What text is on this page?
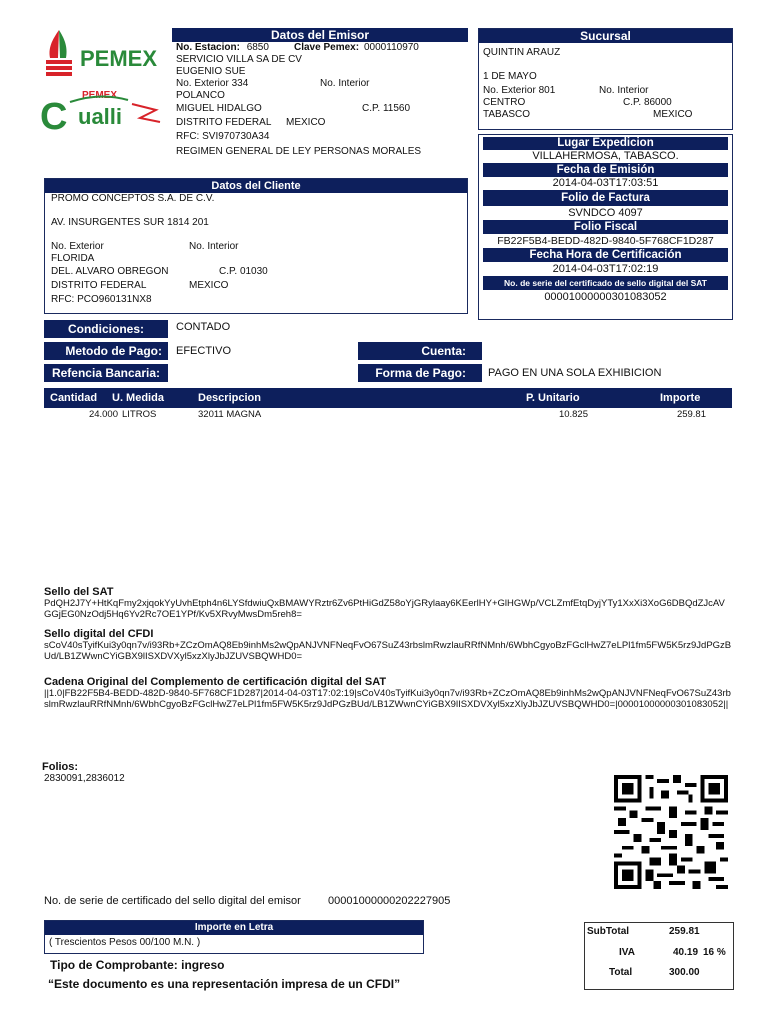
PEMEX
PEMEX
C ualli
Datos del Emisor
No. Estacion: 6850	Clave Pemex: 0000110970
SERVICIO VILLA SA DE CV
EUGENIO SUE
No. Exterior 334	No. Interior
POLANCO
MIGUEL HIDALGO	C.P. 11560
DISTRITO FEDERAL MEXICO
RFC: SVI970730A34
REGIMEN GENERAL DE LEY PERSONAS MORALES
Sucursal
QUINTIN ARAUZ
1 DE MAYO
No. Exterior 801	No. Interior
CENTRO	C.P. 86000
TABASCO	MEXICO
Lugar Expedicion
VILLAHERMOSA, TABASCO.
Fecha de Emisión
2014-04-03T17:03:51
Folio de Factura
SVNDCO 4097
Folio Fiscal
FB22F5B4-BEDD-482D-9840-5F768CF1D287
Fecha Hora de Certificación
2014-04-03T17:02:19
No. de serie del certificado de sello digital del SAT
00001000000301083052
Datos del Cliente
PROMO CONCEPTOS S.A. DE C.V.
AV. INSURGENTES SUR 1814 201
No. Exterior	No. Interior
FLORIDA
DEL. ALVARO OBREGON	C.P. 01030
DISTRITO FEDERAL	MEXICO
RFC: PCO960131NX8
Condiciones:	CONTADO
Metodo de Pago:	EFECTIVO	Cuenta:
Refencia Bancaria:	Forma de Pago:	PAGO EN UNA SOLA EXHIBICION
Cantidad U. Medida	Descripcion	P. Unitario	Importe
24.000 LITROS	32011 MAGNA	10.825	259.81
Sello del SAT
PdQH2J7Y+HtKqFmy2xjqokYyUvhEtph4n6LYSfdwiuQxBMAWYRztr6Zv6PtHiGdZ58oYjGRylaay6KEerlHY+GlHGWp/VCLZmfEtqDyjYTy1XxXi3XoG6DBQdZJcAVGGjEG0NzOdj5Hq6Yv2Rc7OE1YPf/Kv5XRvyMwsDm5reh8=
Sello digital del CFDI
sCoV40sTyifKui3y0qn7v/i93Rb+ZCzOmAQ8Eb9inhMs2wQpANJVNFNeqFvO67SuZ43rbslmRwzlauRRfNMnh/6WbhCgyoBzFGclHwZ7eLPl1fm5FW5K5rz9JdPGzBUd/LB1ZWwnCYiGBX9lISXDVXyl5xzXlyJbJZUVSBQWHD0=
Cadena Original del Complemento de certificación digital del SAT
||1.0|FB22F5B4-BEDD-482D-9840-5F768CF1D287|2014-04-03T17:02:19|sCoV40sTyifKui3y0qn7v/i93Rb+ZCzOmAQ8Eb9inhMs2wQpANJVNFNeqFvO67SuZ43rbslmRwzlauRRfNMnh/6WbhCgyoBzFGclHwZ7eLPl1fm5FW5K5rz9JdPGzBUd/LB1ZWwnCYiGBX9lISXDVXyl5xzXlyJbJZUVSBQWHD0=|00001000000301083052||
Folios:
2830091,2836012
No. de serie de certificado del sello digital del emisor 00001000000202227905
Importe en Letra
( Trescientos Pesos 00/100 M.N. )
Tipo de Comprobante: ingreso
“Este documento es una representación impresa de un CFDI”
SubTotal	259.81
IVA	40.19 16 %
Total	300.00
